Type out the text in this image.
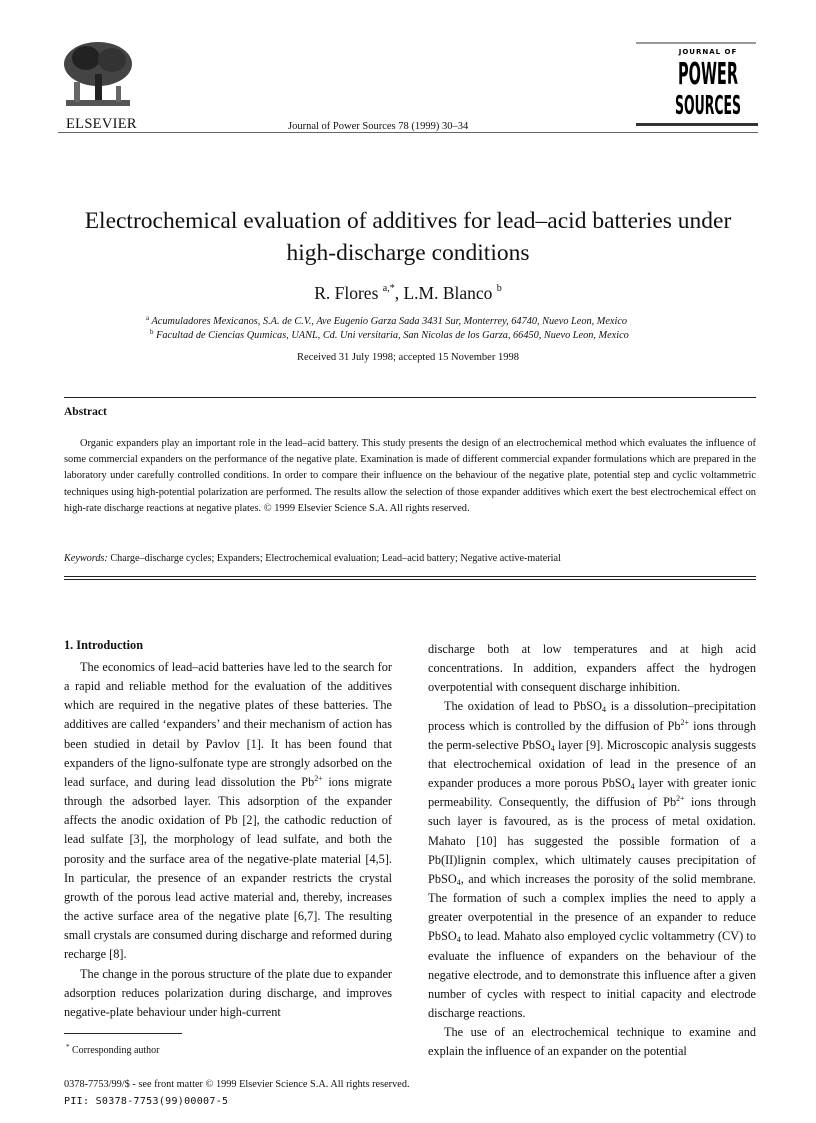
ELSEVIER	Journal of Power Sources 78 (1999) 30–34
JOURNAL OF
POWER
SOURCES
Electrochemical evaluation of additives for lead–acid batteries under high-discharge conditions
R. Flores $^{a,*}$, L.M. Blanco $^b$
$^a$ Acumuladores Mexicanos, S.A. de C.V., Ave Eugenio Garza Sada 3431 Sur, Monterrey, 64740, Nuevo Leon, Mexico
$^b$ Facultad de Ciencias Quımicas, UANL, Cd. Uni versitaria, San Nicolas de los Garza, 66450, Nuevo Leon, Mexico
Received 31 July 1998; accepted 15 November 1998
Abstract
Organic expanders play an important role in the lead–acid battery. This study presents the design of an electrochemical method which evaluates the influence of some commercial expanders on the performance of the negative plate. Examination is made of different commercial expander formulations which are prepared in the laboratory under carefully controlled conditions. In order to compare their influence on the behaviour of the negative plate, potential step and cyclic voltammetric techniques using high-potential polarization are performed. The results allow the selection of those expander additives which exert the best electrochemical effect on high-rate discharge reactions at negative plates. © 1999 Elsevier Science S.A. All rights reserved.
Keywords: Charge–discharge cycles; Expanders; Electrochemical evaluation; Lead–acid battery; Negative active-material
1. Introduction

The economics of lead–acid batteries have led to the search for a rapid and reliable method for the evaluation of the additives which are required in the negative plates of these batteries. The additives are called ‘expanders’ and their mechanism of action has been studied in detail by Pavlov [1]. It has been found that expanders of the ligno-sulfonate type are strongly adsorbed on the lead surface, and during lead dissolution the $Pb^{2+}$ ions migrate through the adsorbed layer. This adsorption of the expander affects the anodic oxidation of Pb [2], the cathodic reduction of lead sulfate [3], the morphology of lead sulfate, and both the porosity and the surface area of the negative-plate material [4,5]. In particular, the presence of an expander restricts the crystal growth of the porous lead active material and, thereby, increases the active surface area of the negative plate [6,7]. The resulting small crystals are consumed during discharge and reformed during recharge [8].

The change in the porous structure of the plate due to expander adsorption reduces polarization during discharge, and improves negative-plate behaviour under high-current

discharge both at low temperatures and at high acid concentrations. In addition, expanders affect the hydrogen overpotential with consequent discharge inhibition.

The oxidation of lead to PbSO$_4$ is a dissolution–precipitation process which is controlled by the diffusion of $Pb^{2+}$ ions through the perm-selective PbSO$_4$ layer [9]. Microscopic analysis suggests that electrochemical oxidation of lead in the presence of an expander produces a more porous PbSO$_4$ layer with greater ionic permeability. Consequently, the diffusion of $Pb^{2+}$ ions through such layer is favoured, as is the process of metal oxidation. Mahato [10] has suggested the possible formation of a Pb(II)lignin complex, which ultimately causes precipitation of PbSO$_4$, and which increases the porosity of the solid membrane. The formation of such a complex implies the need to apply a greater overpotential in the presence of an expander to reduce PbSO$_4$ to lead. Mahato also employed cyclic voltammetry (CV) to evaluate the influence of expanders on the behaviour of the negative electrode, and to demonstrate this influence after a given number of cycles with respect to initial capacity and electrode discharge reactions.

The use of an electrochemical technique to examine and explain the influence of an expander on the potential

* Corresponding author
0378-7753/99/$ - see front matter © 1999 Elsevier Science S.A. All rights reserved.
PII: S0378-7753(99)00007-5
